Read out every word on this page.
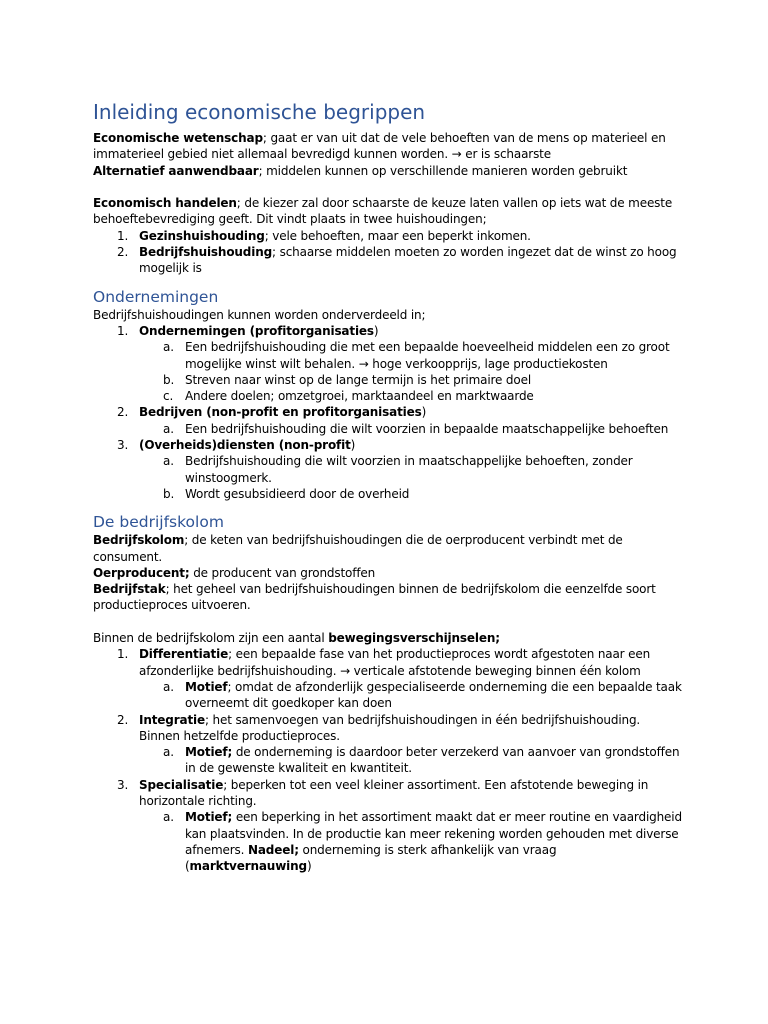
Inleiding economische begrippen

Economische wetenschap; gaat er van uit dat de vele behoeften van de mens op materieel en immaterieel gebied niet allemaal bevredigd kunnen worden. → er is schaarste

Alternatief aanwendbaar; middelen kunnen op verschillende manieren worden gebruikt

Economisch handelen; de kiezer zal door schaarste de keuze laten vallen op iets wat de meeste behoeftebevrediging geeft. Dit vindt plaats in twee huishoudingen;

1. Gezinshuishouding; vele behoeften, maar een beperkt inkomen.
2. Bedrijfshuishouding; schaarse middelen moeten zo worden ingezet dat de winst zo hoog mogelijk is
Ondernemingen

Bedrijfshuishoudingen kunnen worden onderverdeeld in;

1. Ondernemingen (profitorganisaties)
a. Een bedrijfshuishouding die met een bepaalde hoeveelheid middelen een zo groot mogelijke winst wilt behalen. → hoge verkoopprijs, lage productiekosten
b. Streven naar winst op de lange termijn is het primaire doel
c. Andere doelen; omzetgroei, marktaandeel en marktwaarde
2. Bedrijven (non-profit en profitorganisaties)
a. Een bedrijfshuishouding die wilt voorzien in bepaalde maatschappelijke behoeften
3. (Overheids)diensten (non-profit)
a. Bedrijfshuishouding die wilt voorzien in maatschappelijke behoeften, zonder winstoogmerk.
b. Wordt gesubsidieerd door de overheid
De bedrijfskolom

Bedrijfskolom; de keten van bedrijfshuishoudingen die de oerproducent verbindt met de consument.

Oerproducent; de producent van grondstoffen

Bedrijfstak; het geheel van bedrijfshuishoudingen binnen de bedrijfskolom die eenzelfde soort productieproces uitvoeren.

Binnen de bedrijfskolom zijn een aantal bewegingsverschijnselen;

1. Differentiatie; een bepaalde fase van het productieproces wordt afgestoten naar een afzonderlijke bedrijfshuishouding. → verticale afstotende beweging binnen één kolom
a. Motief; omdat de afzonderlijk gespecialiseerde onderneming die een bepaalde taak overneemt dit goedkoper kan doen
2. Integratie; het samenvoegen van bedrijfshuishoudingen in één bedrijfshuishouding. Binnen hetzelfde productieproces.
a. Motief; de onderneming is daardoor beter verzekerd van aanvoer van grondstoffen in de gewenste kwaliteit en kwantiteit.
3. Specialisatie; beperken tot een veel kleiner assortiment. Een afstotende beweging in horizontale richting.
a. Motief; een beperking in het assortiment maakt dat er meer routine en vaardigheid kan plaatsvinden. In de productie kan meer rekening worden gehouden met diverse afnemers. Nadeel; onderneming is sterk afhankelijk van vraag (marktvernauwing)
